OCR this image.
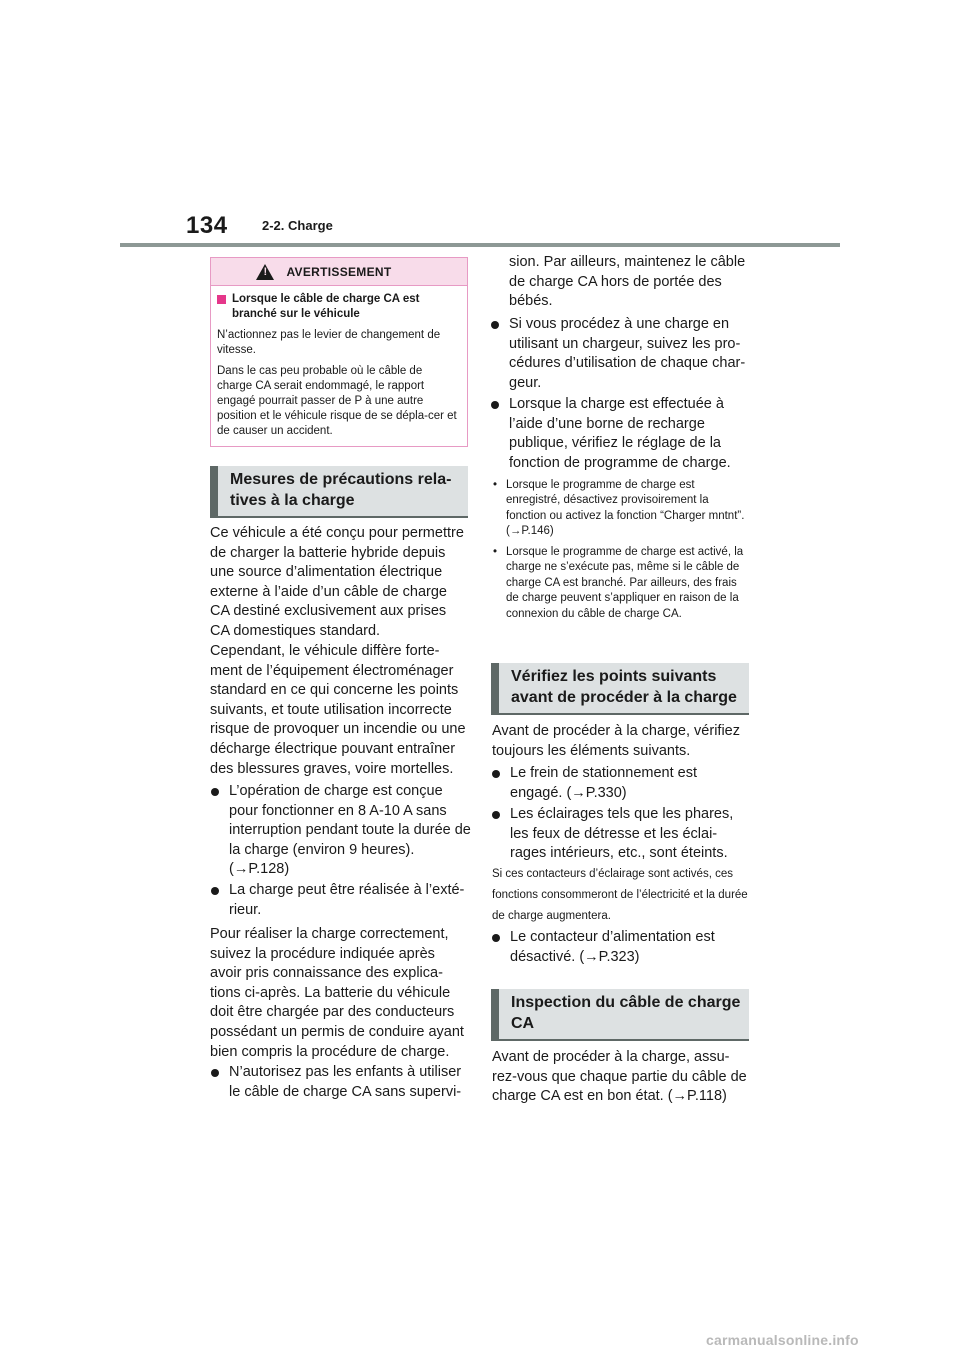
134	2-2. Charge
!
AVERTISSEMENT
Lorsque le câble de charge CA est branché sur le véhicule

N’actionnez pas le levier de changement de vitesse.

Dans le cas peu probable où le câble de charge CA serait endommagé, le rapport engagé pourrait passer de P à une autre position et le véhicule risque de se dépla-cer et de causer un accident.

Mesures de précautions rela-tives à la charge
Ce véhicule a été conçu pour permettre de charger la batterie hybride depuis une source d’alimentation électrique externe à l’aide d’un câble de charge CA destiné exclusivement aux prises CA domestiques standard.
Cependant, le véhicule diffère forte-ment de l’équipement électroménager standard en ce qui concerne les points suivants, et toute utilisation incorrecte risque de provoquer un incendie ou une décharge électrique pouvant entraîner des blessures graves, voire mortelles.
L’opération de charge est conçue pour fonctionner en 8 A-10 A sans interruption pendant toute la durée de la charge (environ 9 heures). (→P.128)
La charge peut être réalisée à l’exté-rieur.
Pour réaliser la charge correctement, suivez la procédure indiquée après avoir pris connaissance des explica-tions ci-après. La batterie du véhicule doit être chargée par des conducteurs possédant un permis de conduire ayant bien compris la procédure de charge.
N’autorisez pas les enfants à utiliser le câble de charge CA sans supervi-
sion. Par ailleurs, maintenez le câble de charge CA hors de portée des bébés.
Si vous procédez à une charge en utilisant un chargeur, suivez les pro-cédures d’utilisation de chaque char-geur.
Lorsque la charge est effectuée à l’aide d’une borne de recharge publique, vérifiez le réglage de la fonction de programme de charge.
• Lorsque le programme de charge est enregistré, désactivez provisoirement la fonction ou activez la fonction “Charger mntnt”. (→P.146)
• Lorsque le programme de charge est activé, la charge ne s’exécute pas, même si le câble de charge CA est branché. Par ailleurs, des frais de charge peuvent s’appliquer en raison de la connexion du câble de charge CA.
Vérifiez les points suivants avant de procéder à la charge
Avant de procéder à la charge, vérifiez toujours les éléments suivants.
Le frein de stationnement est engagé. (→P.330)
Les éclairages tels que les phares, les feux de détresse et les éclai-rages intérieurs, etc., sont éteints.
Si ces contacteurs d’éclairage sont activés, ces fonctions consommeront de l’électricité et la durée de charge augmentera.
Le contacteur d’alimentation est désactivé. (→P.323)
Inspection du câble de charge CA
Avant de procéder à la charge, assu-rez-vous que chaque partie du câble de charge CA est en bon état. (→P.118)
carmanualsonline.info
